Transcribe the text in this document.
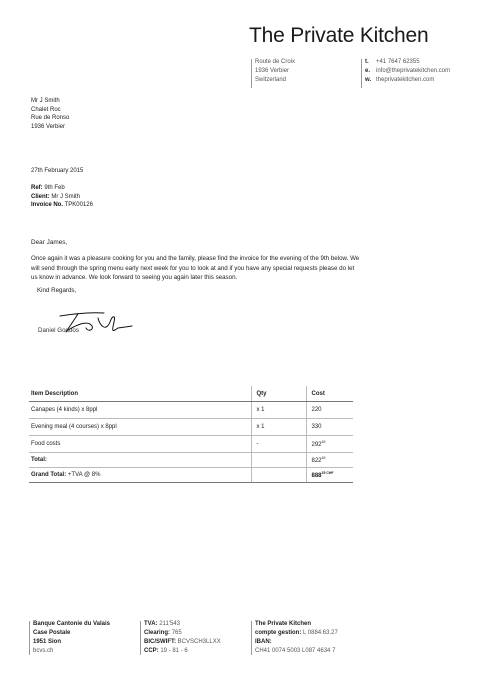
The Private Kitchen
Route de Croix
1936 Verbier
Switzerland
t.	+41 7647 62355
e. info@theprivatekitchen.com
w. theprivatekitchen.com
Mr J Smith
Chalet Roc
Rue de Ronso
1936 Verbier
27th February 2015
Ref: 9th Feb
Client: Mr J Smith
Invoice No. TPK00126
Dear James,
Once again it was a pleasure cooking for you and the family, please find the invoice for the evening of the 9th below. We will send through the spring menu early next week for you to look at and if you have any special requests please do let us know in advance. We look forward to seeing you again later this season.
Kind Regards,
Daniel Goddos
Item Description	Qty	Cost
Canapes (4 kinds) x 8ppl	x 1	220
Evening meal (4 courses) x 8ppl	x 1	330
Food costs	-	$292^{45}$
Total:		$822^{45}$
Grand Total: +TVA @ 8%		$888^{25 CHF}$
Banque Cantonie du Valais
Case Postale
1951 Sion
bcvs.ch
TVA: 211'543
Clearing: 765
BIC/SWIFT: BCVSCH3LLXX
CCP: 19 - 81 - 6
The Private Kitchen
compte gestion: L 0884.63.27
IBAN:
CH41 0074 5003 L087 4634 7
